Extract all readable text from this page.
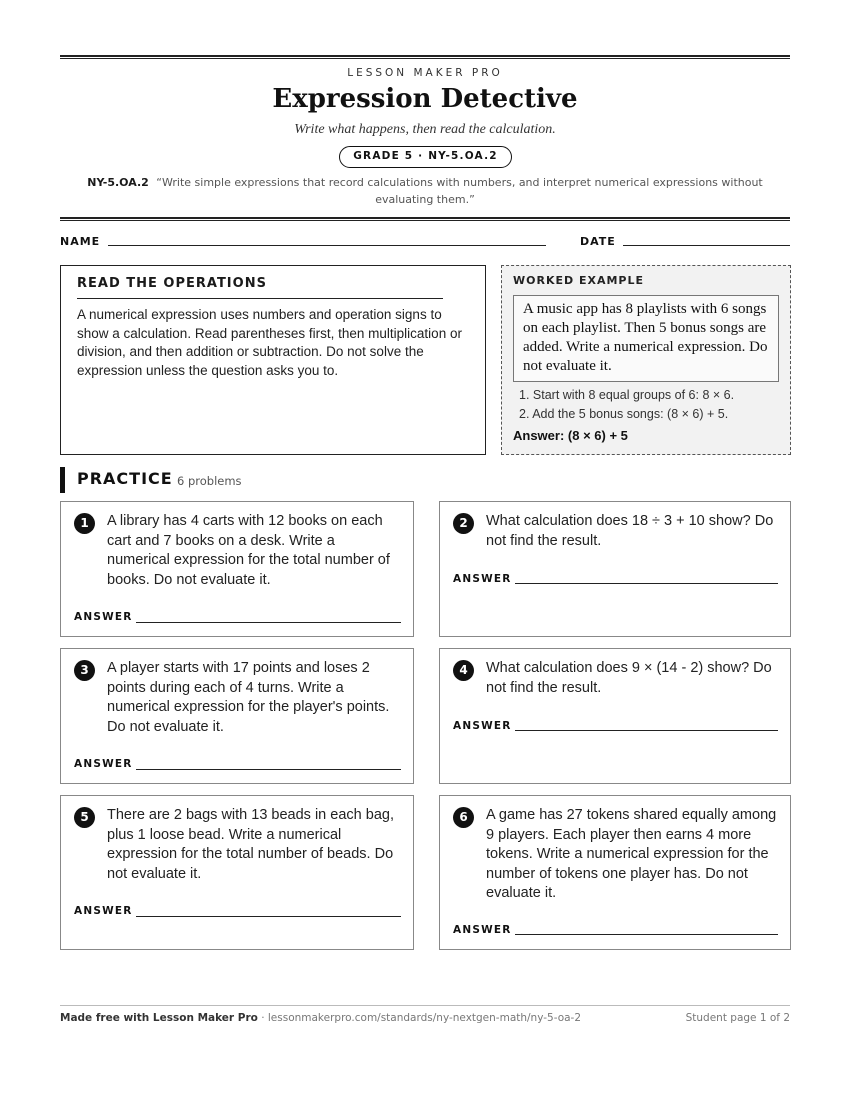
LESSON MAKER PRO
Expression Detective
Write what happens, then read the calculation.
GRADE 5 · NY-5.OA.2
NY-5.OA.2 “Write simple expressions that record calculations with numbers, and interpret numerical expressions without evaluating them.”
NAME	DATE
READ THE OPERATIONS
A numerical expression uses numbers and operation signs to show a calculation. Read parentheses first, then multiplication or division, and then addition or subtraction. Do not solve the expression unless the question asks you to.
WORKED EXAMPLE
A music app has 8 playlists with 6 songs on each playlist. Then 5 bonus songs are added. Write a numerical expression. Do not evaluate it.
1. Start with 8 equal groups of 6: 8 × 6.
2. Add the 5 bonus songs: (8 × 6) + 5.
Answer: (8 × 6) + 5
PRACTICE 6 problems
1	A library has 4 carts with 12 books on each cart and 7 books on a desk. Write a numerical expression for the total number of books. Do not evaluate it.
ANSWER
2	What calculation does 18 ÷ 3 + 10 show? Do not find the result.
ANSWER
3	A player starts with 17 points and loses 2 points during each of 4 turns. Write a numerical expression for the player's points. Do not evaluate it.
ANSWER
4	What calculation does 9 × (14 - 2) show? Do not find the result.
ANSWER
5	There are 2 bags with 13 beads in each bag, plus 1 loose bead. Write a numerical expression for the total number of beads. Do not evaluate it.
ANSWER
6	A game has 27 tokens shared equally among 9 players. Each player then earns 4 more tokens. Write a numerical expression for the number of tokens one player has. Do not evaluate it.
ANSWER
Made free with Lesson Maker Pro · lessonmakerpro.com/standards/ny-nextgen-math/ny-5-oa-2	Student page 1 of 2
